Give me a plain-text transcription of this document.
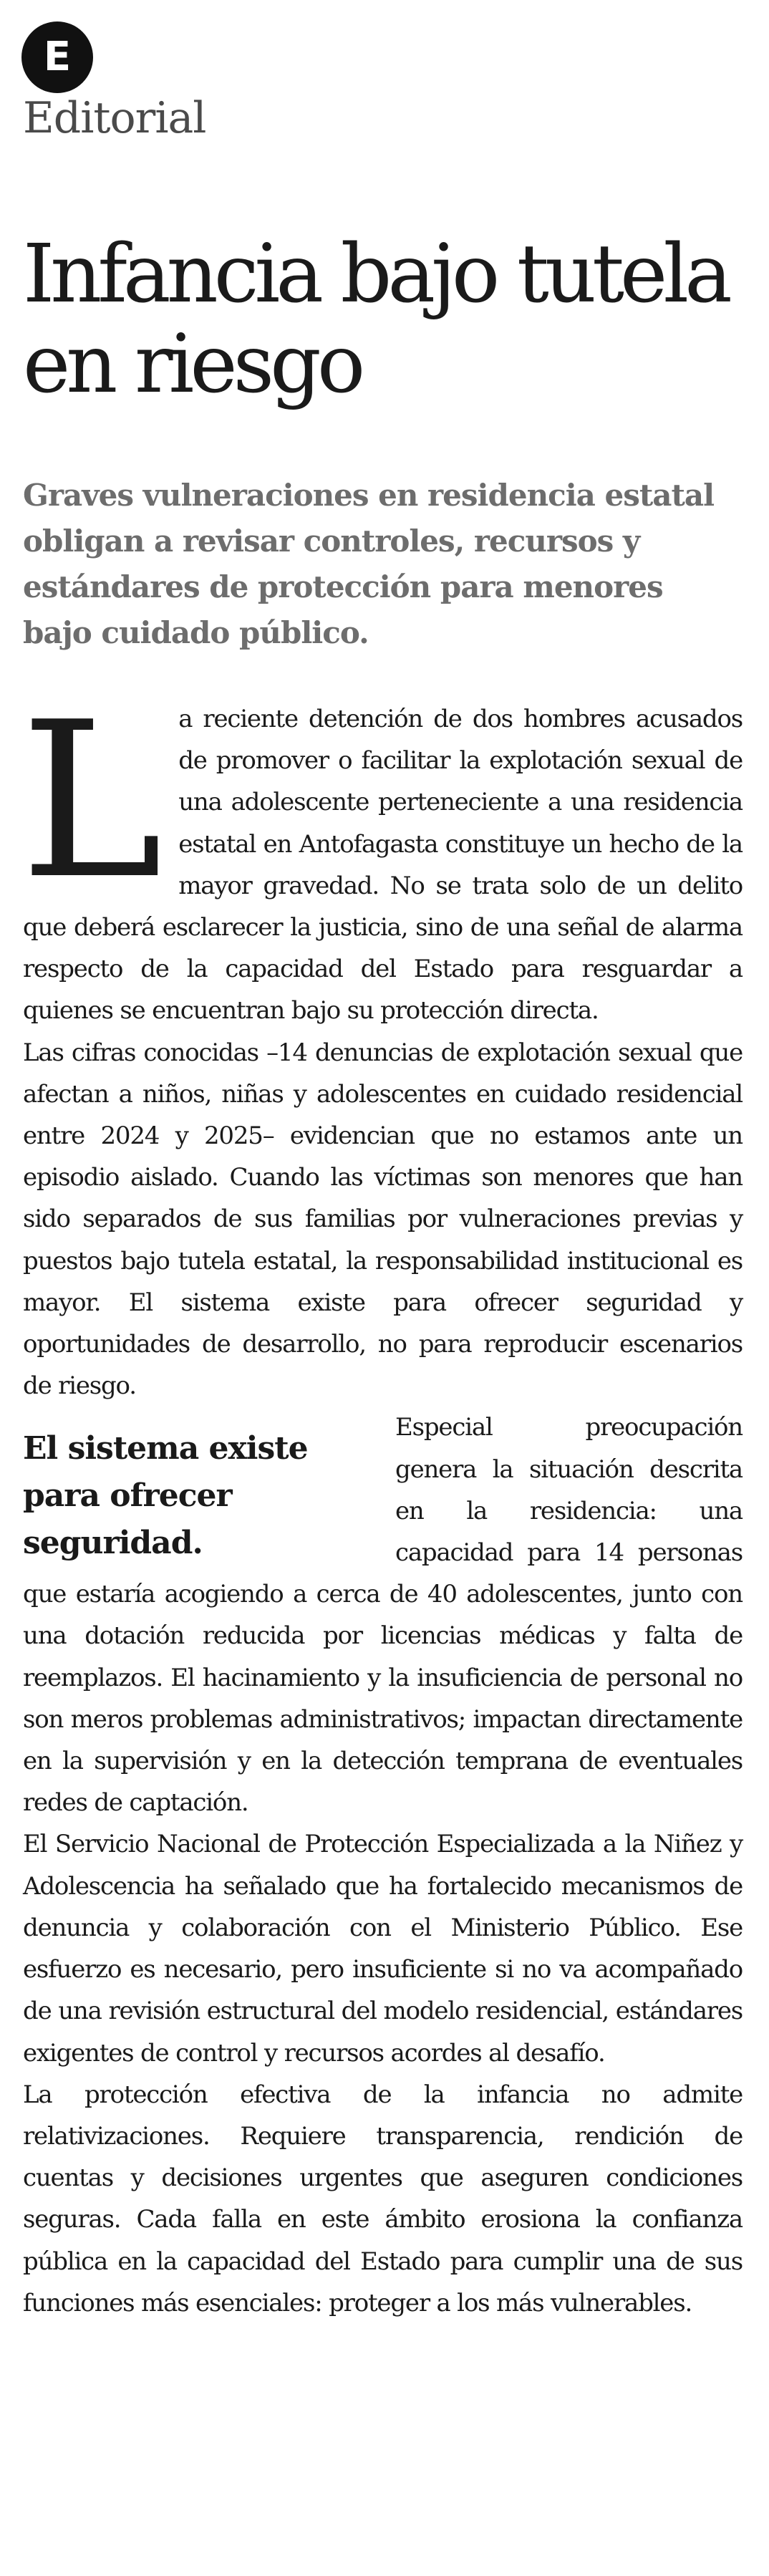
E
Editorial
Infancia bajo tutela en riesgo

Graves vulneraciones en residencia estatal obligan a revisar controles, recursos y estándares de protección para menores bajo cuidado público.

La reciente detención de dos hombres acusados de promover o facilitar la explotación sexual de una adolescente perteneciente a una residencia estatal en Antofagasta constituye un hecho de la mayor gravedad. No se trata solo de un delito que deberá esclarecer la justicia, sino de una señal de alarma respecto de la capacidad del Estado para resguardar a quienes se encuentran bajo su protección directa.

Las cifras conocidas –14 denuncias de explotación sexual que afectan a niños, niñas y adolescentes en cuidado residencial entre 2024 y 2025– evidencian que no estamos ante un episodio aislado. Cuando las víctimas son menores que han sido separados de sus familias por vulneraciones previas y puestos bajo tutela estatal, la responsabilidad institucional es mayor. El sistema existe para ofrecer seguridad y oportunidades de desarrollo, no para reproducir escenarios de riesgo.

El sistema existe para ofrecer seguridad.

Especial preocupación genera la situación descrita en la residencia: una capacidad para 14 personas que estaría acogiendo a cerca de 40 adolescentes, junto con una dotación reducida por licencias médicas y falta de reemplazos. El hacinamiento y la insuficiencia de personal no son meros problemas administrativos; impactan directamente en la supervisión y en la detección temprana de eventuales redes de captación.

El Servicio Nacional de Protección Especializada a la Niñez y Adolescencia ha señalado que ha fortalecido mecanismos de denuncia y colaboración con el Ministerio Público. Ese esfuerzo es necesario, pero insuficiente si no va acompañado de una revisión estructural del modelo residencial, estándares exigentes de control y recursos acordes al desafío.

La protección efectiva de la infancia no admite relativizaciones. Requiere transparencia, rendición de cuentas y decisiones urgentes que aseguren condiciones seguras. Cada falla en este ámbito erosiona la confianza pública en la capacidad del Estado para cumplir una de sus funciones más esenciales: proteger a los más vulnerables.
